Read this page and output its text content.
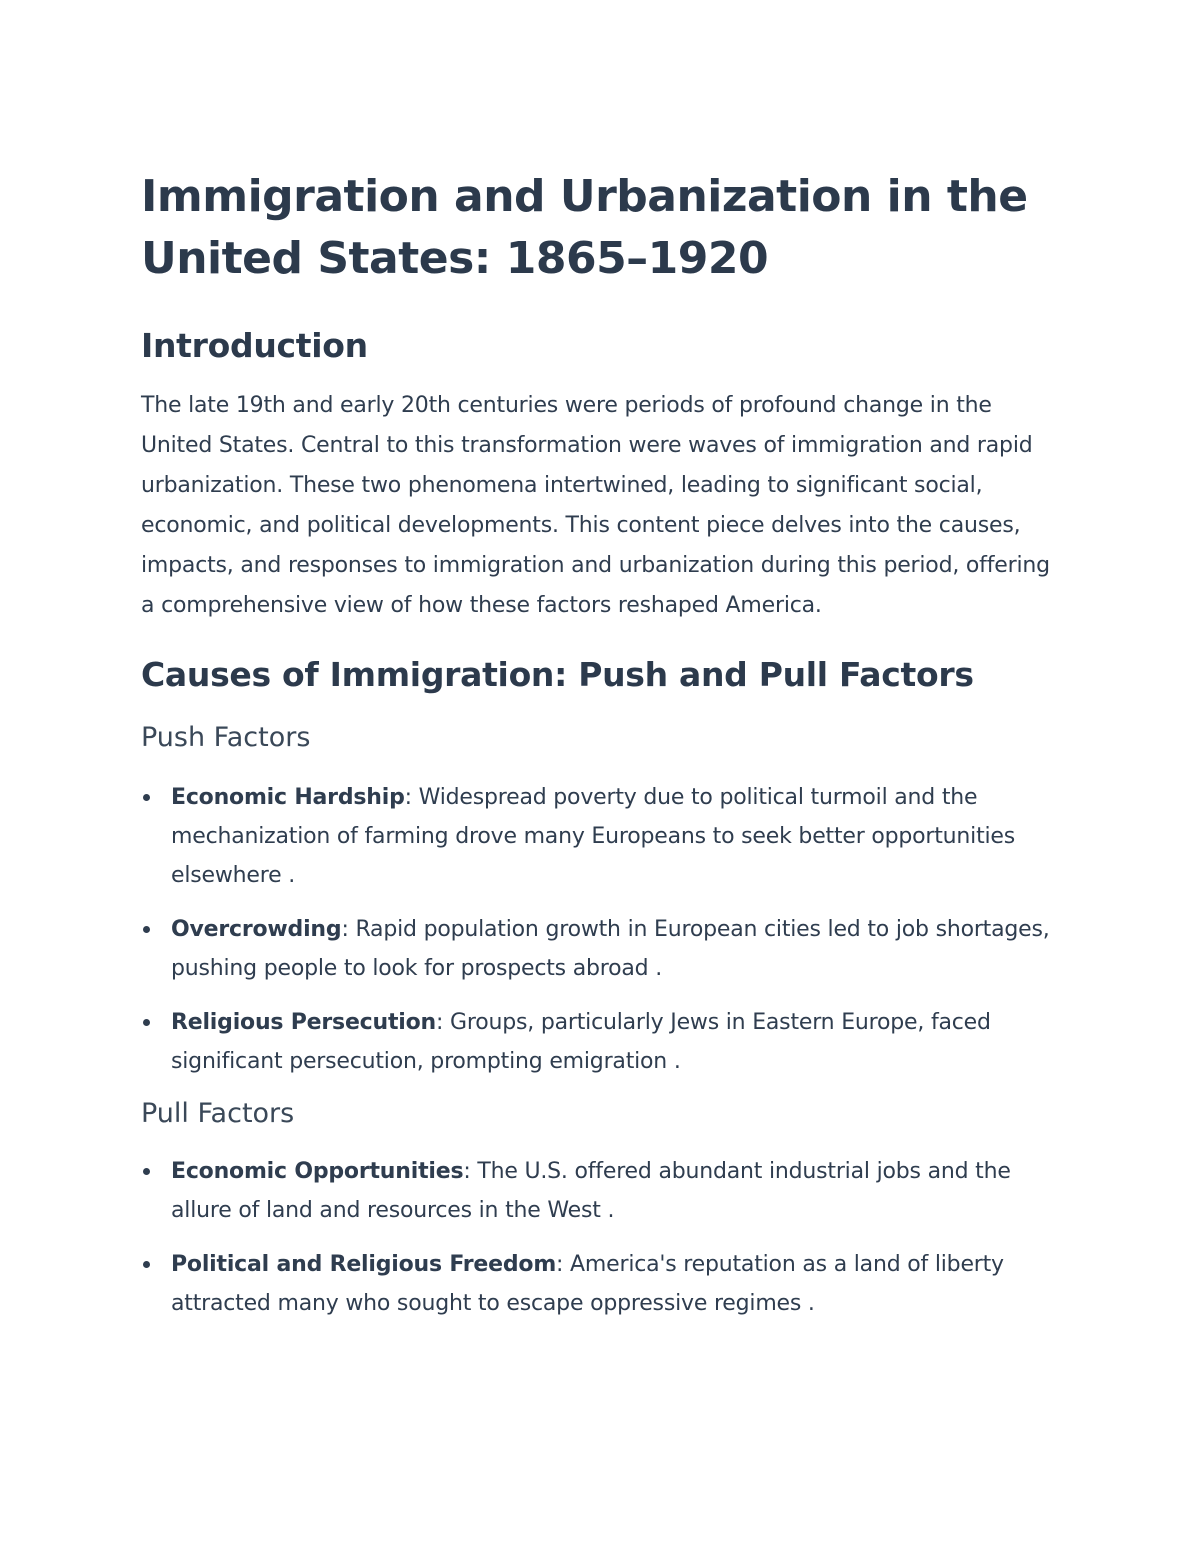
Immigration and Urbanization in the United States: 1865–1920
Introduction

The late 19th and early 20th centuries were periods of profound change in the United States. Central to this transformation were waves of immigration and rapid urbanization. These two phenomena intertwined, leading to significant social, economic, and political developments. This content piece delves into the causes, impacts, and responses to immigration and urbanization during this period, offering a comprehensive view of how these factors reshaped America.

Causes of Immigration: Push and Pull Factors
Push Factors
Economic Hardship: Widespread poverty due to political turmoil and the mechanization of farming drove many Europeans to seek better opportunities elsewhere .
Overcrowding: Rapid population growth in European cities led to job shortages, pushing people to look for prospects abroad .
Religious Persecution: Groups, particularly Jews in Eastern Europe, faced significant persecution, prompting emigration .
Pull Factors
Economic Opportunities: The U.S. offered abundant industrial jobs and the allure of land and resources in the West .
Political and Religious Freedom: America's reputation as a land of liberty attracted many who sought to escape oppressive regimes .
